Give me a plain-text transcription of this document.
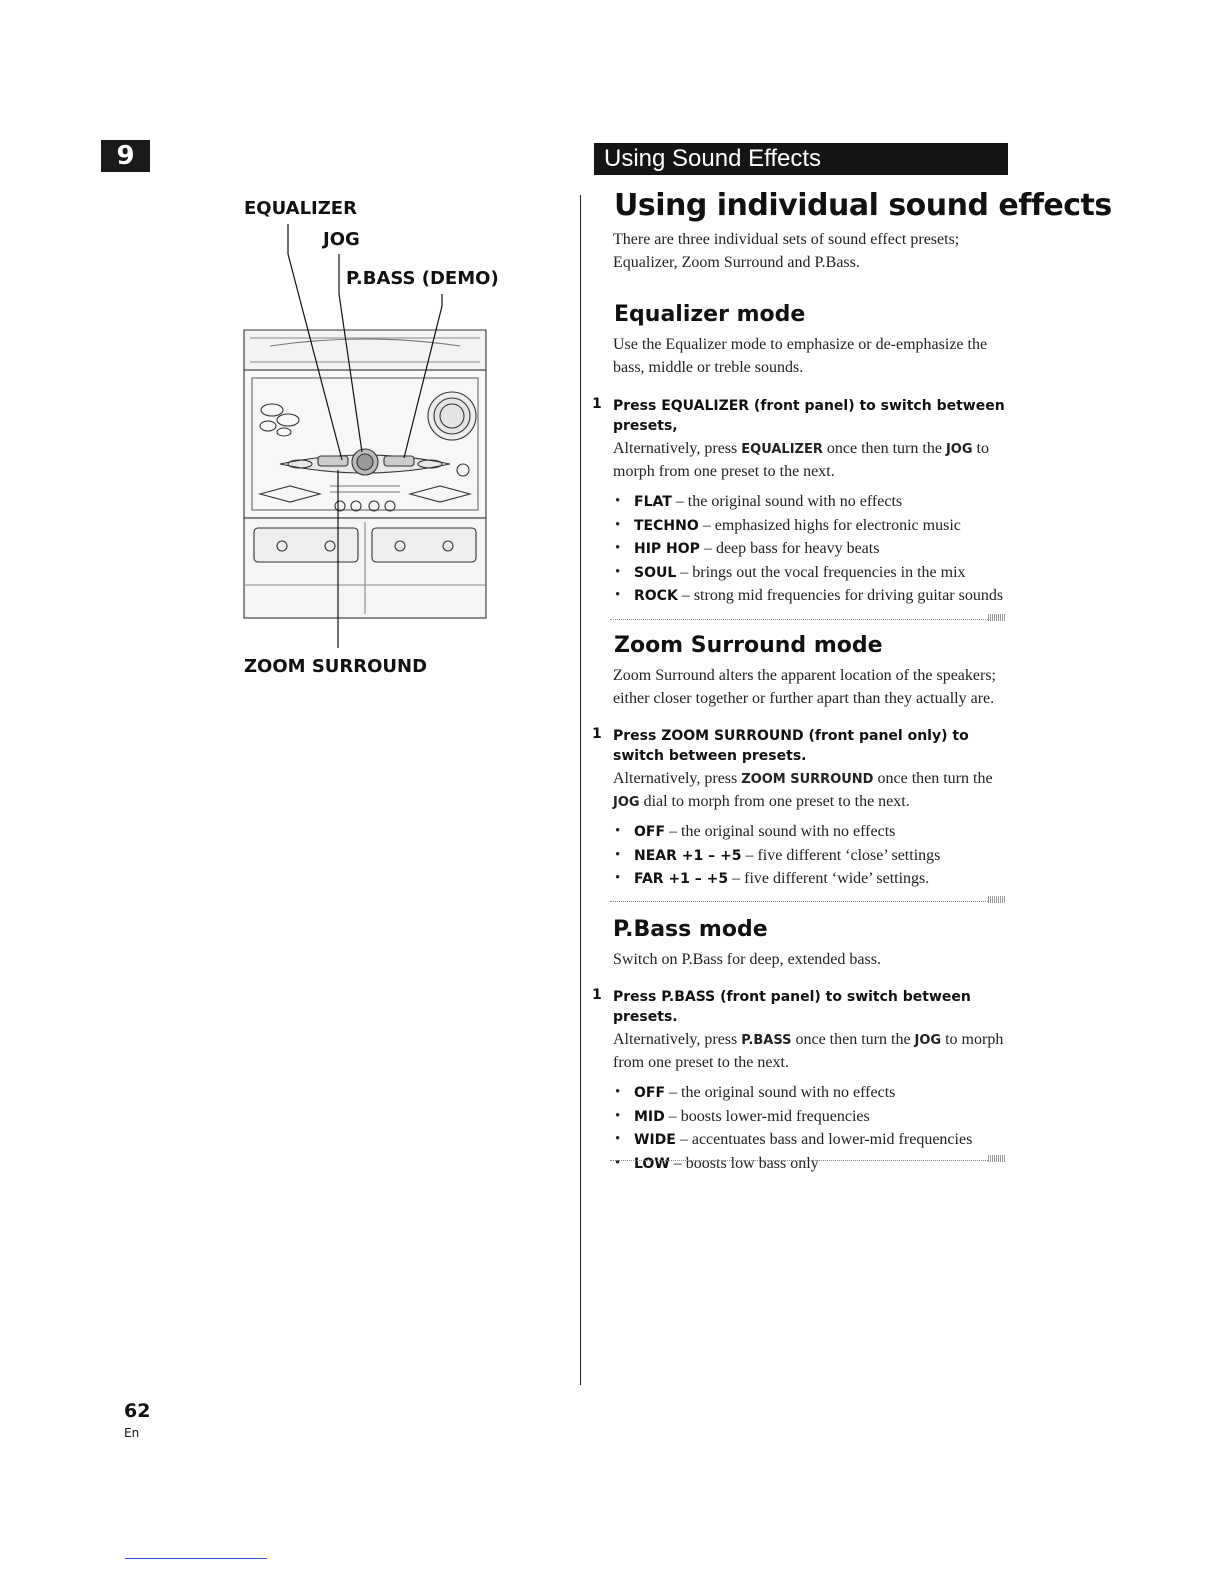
9	Using Sound Effects
EQUALIZER
JOG
P.BASS (DEMO)
ZOOM SURROUND
Using individual sound effects
There are three individual sets of sound effect presets; Equalizer, Zoom Surround and P.Bass.
Equalizer mode
Use the Equalizer mode to emphasize or de-emphasize the bass, middle or treble sounds.
1 Press EQUALIZER (front panel) to switch between presets,
Alternatively, press EQUALIZER once then turn the JOG to morph from one preset to the next.
• FLAT – the original sound with no effects
• TECHNO – emphasized highs for electronic music
• HIP HOP – deep bass for heavy beats
• SOUL – brings out the vocal frequencies in the mix
• ROCK – strong mid frequencies for driving guitar sounds
Zoom Surround mode
Zoom Surround alters the apparent location of the speakers; either closer together or further apart than they actually are.
1 Press ZOOM SURROUND (front panel only) to switch between presets.
Alternatively, press ZOOM SURROUND once then turn the JOG dial to morph from one preset to the next.
• OFF – the original sound with no effects
• NEAR +1 – +5 – five different ‘close’ settings
• FAR +1 – +5 – five different ‘wide’ settings.
P.Bass mode
Switch on P.Bass for deep, extended bass.
1 Press P.BASS (front panel) to switch between presets.
Alternatively, press P.BASS once then turn the JOG to morph from one preset to the next.
• OFF – the original sound with no effects
• MID – boosts lower-mid frequencies
• WIDE – accentuates bass and lower-mid frequencies
• LOW – boosts low bass only
62
En
